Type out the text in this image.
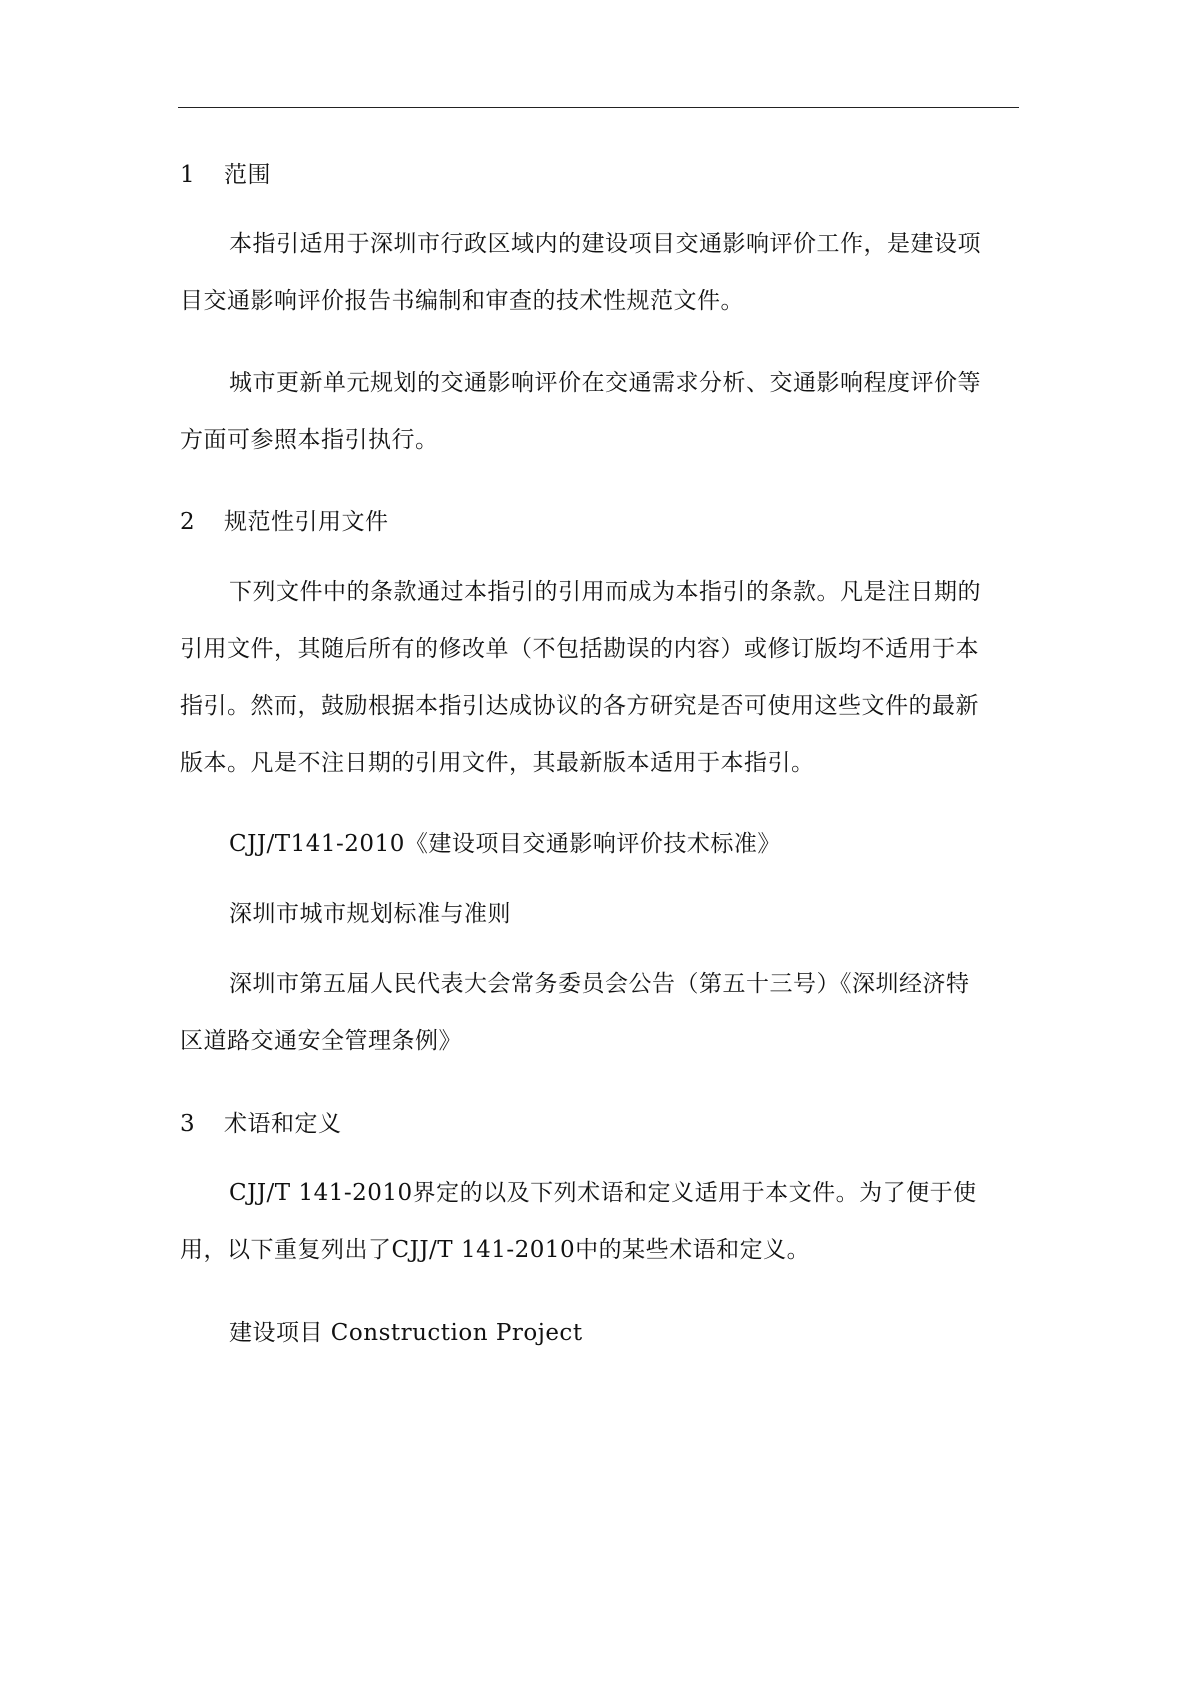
1 范围

本指引适用于深圳市行政区域内的建设项目交通影响评价工作，是建设项
目交通影响评价报告书编制和审查的技术性规范文件。

城市更新单元规划的交通影响评价在交通需求分析、交通影响程度评价等
方面可参照本指引执行。

2 规范性引用文件

下列文件中的条款通过本指引的引用而成为本指引的条款。凡是注日期的
引用文件，其随后所有的修改单（不包括勘误的内容）或修订版均不适用于本
指引。然而，鼓励根据本指引达成协议的各方研究是否可使用这些文件的最新
版本。凡是不注日期的引用文件，其最新版本适用于本指引。

CJJ/T141-2010《建设项目交通影响评价技术标准》

深圳市城市规划标准与准则

深圳市第五届人民代表大会常务委员会公告（第五十三号）《深圳经济特
区道路交通安全管理条例》

3 术语和定义

CJJ/T 141-2010界定的以及下列术语和定义适用于本文件。为了便于使
用，以下重复列出了CJJ/T 141-2010中的某些术语和定义。

建设项目 Construction Project
